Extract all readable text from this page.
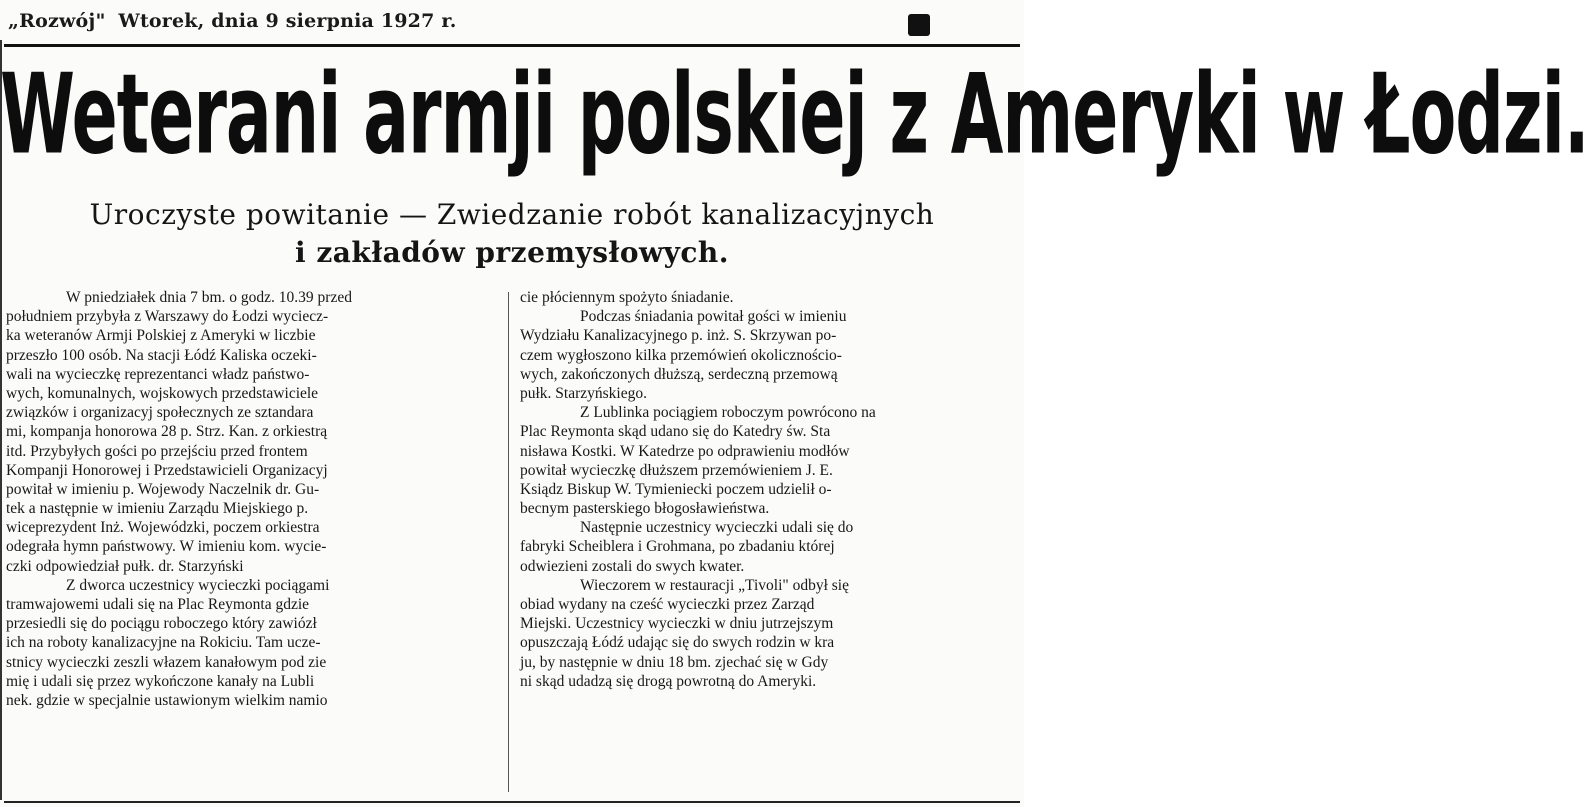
„Rozwój" Wtorek, dnia 9 sierpnia 1927 r.
Weterani armji polskiej z Ameryki w Łodzi.
Uroczyste powitanie — Zwiedzanie robót kanalizacyjnych
i zakładów przemysłowych.
W pniedziałek dnia 7 bm. o godz. 10.39 przed
południem przybyła z Warszawy do Łodzi wyciecz-
ka weteranów Armji Polskiej z Ameryki w liczbie
przeszło 100 osób. Na stacji Łódź Kaliska oczeki-
wali na wycieczkę reprezentanci władz państwo-
wych, komunalnych, wojskowych przedstawiciele
związków i organizacyj społecznych ze sztandara
mi, kompanja honorowa 28 p. Strz. Kan. z orkiestrą
itd. Przybyłych gości po przejściu przed frontem
Kompanji Honorowej i Przedstawicieli Organizacyj
powitał w imieniu p. Wojewody Naczelnik dr. Gu-
tek a następnie w imieniu Zarządu Miejskiego p.
wiceprezydent Inż. Wojewódzki, poczem orkiestra
odegrała hymn państwowy. W imieniu kom. wycie-
czki odpowiedział pułk. dr. Starzyński
Z dworca uczestnicy wycieczki pociągami
tramwajowemi udali się na Plac Reymonta gdzie
przesiedli się do pociągu roboczego który zawiózł
ich na roboty kanalizacyjne na Rokiciu. Tam ucze-
stnicy wycieczki zeszli włazem kanałowym pod zie
mię i udali się przez wykończone kanały na Lubli
nek. gdzie w specjalnie ustawionym wielkim namio
cie płóciennym spożyto śniadanie.
Podczas śniadania powitał gości w imieniu
Wydziału Kanalizacyjnego p. inż. S. Skrzywan po-
czem wygłoszono kilka przemówień okolicznościo-
wych, zakończonych dłuższą, serdeczną przemową
pułk. Starzyńskiego.
Z Lublinka pociągiem roboczym powrócono na
Plac Reymonta skąd udano się do Katedry św. Sta
nisława Kostki. W Katedrze po odprawieniu modłów
powitał wycieczkę dłuższem przemówieniem J. E.
Ksiądz Biskup W. Tymieniecki poczem udzielił o-
becnym pasterskiego błogosławieństwa.
Następnie uczestnicy wycieczki udali się do
fabryki Scheiblera i Grohmana, po zbadaniu której
odwiezieni zostali do swych kwater.
Wieczorem w restauracji „Tivoli" odbył się
obiad wydany na cześć wycieczki przez Zarząd
Miejski. Uczestnicy wycieczki w dniu jutrzejszym
opuszczają Łódź udając się do swych rodzin w kra
ju, by następnie w dniu 18 bm. zjechać się w Gdy
ni skąd udadzą się drogą powrotną do Ameryki.
